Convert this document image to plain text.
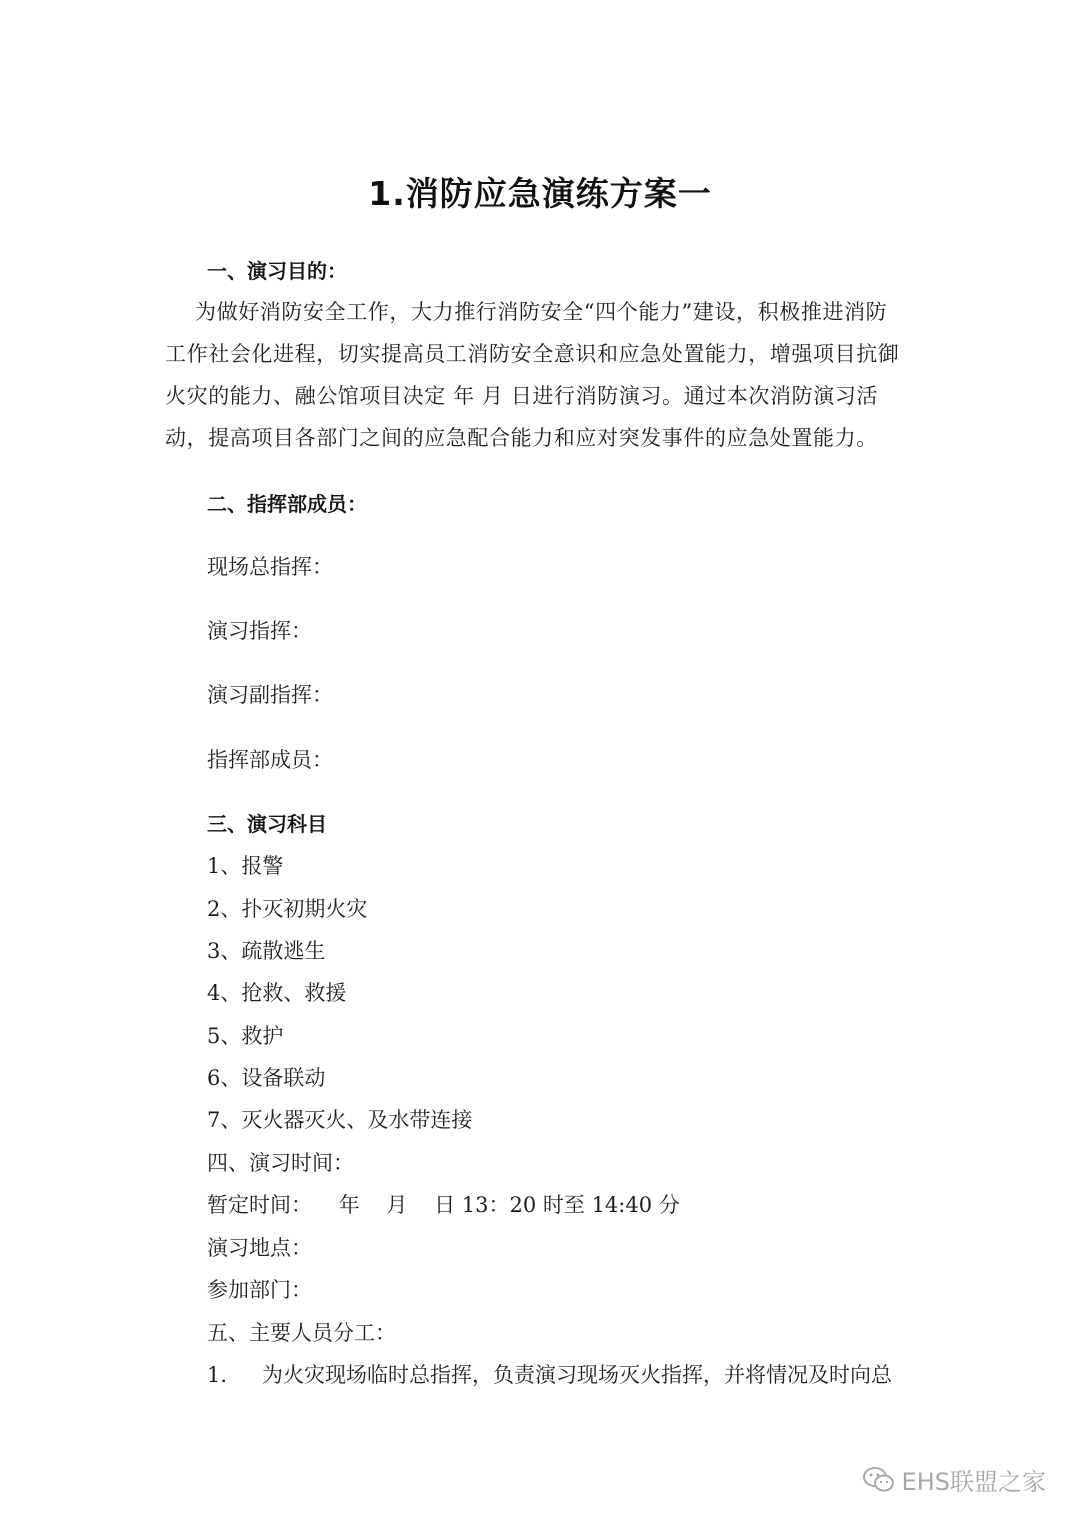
1.消防应急演练方案一
一、演习目的：
为做好消防安全工作，大力推行消防安全“四个能力”建设，积极推进消防
工作社会化进程，切实提高员工消防安全意识和应急处置能力，增强项目抗御
火灾的能力、融公馆项目决定 年 月 日进行消防演习。通过本次消防演习活
动，提高项目各部门之间的应急配合能力和应对突发事件的应急处置能力。
二、指挥部成员：
现场总指挥：
演习指挥：
演习副指挥：
指挥部成员：
三、演习科目
1、报警
2、扑灭初期火灾
3、疏散逃生
4、抢救、救援
5、救护
6、设备联动
7、灭火器灭火、及水带连接
四、演习时间：
暂定时间：    年    月    日 13：20 时至 14:40 分
演习地点：
参加部门：
五、主要人员分工：
1. 为火灾现场临时总指挥，负责演习现场灭火指挥，并将情况及时向总
EHS联盟之家
